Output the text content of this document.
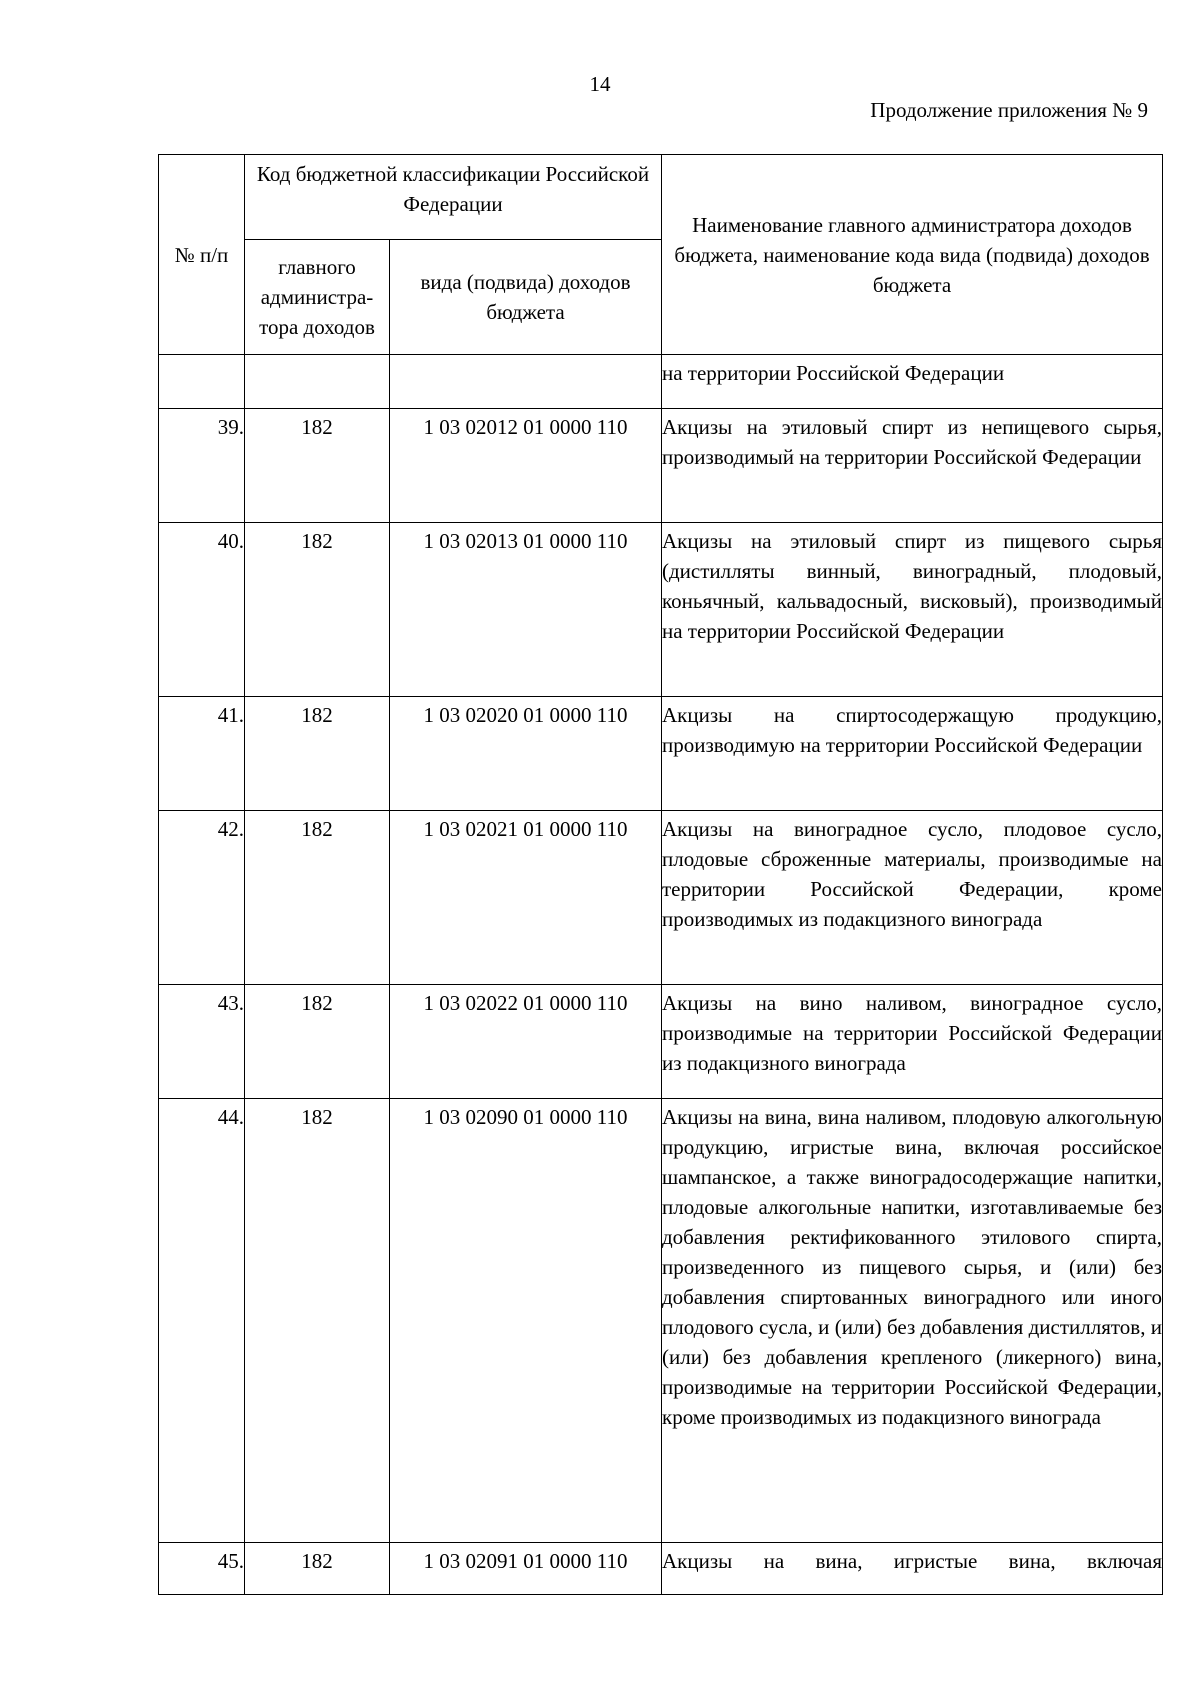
14
Продолжение приложения № 9
№ п/п	Код бюджетной классификации Российской Федерации		Наименование главного администратора доходов бюджета, наименование кода вида (подвида) доходов бюджета
	главного администра-тора доходов	вида (подвида) доходов бюджета	
			на территории Российской Федерации
39.	182	1 03 02012 01 0000 110	Акцизы на этиловый спирт из непищевого сырья, производимый на территории Российской Федерации
40.	182	1 03 02013 01 0000 110	Акцизы на этиловый спирт из пищевого сырья (дистилляты винный, виноградный, плодовый, коньячный, кальвадосный, висковый), производимый на территории Российской Федерации
41.	182	1 03 02020 01 0000 110	Акцизы на спиртосодержащую продукцию, производимую на территории Российской Федерации
42.	182	1 03 02021 01 0000 110	Акцизы на виноградное сусло, плодовое сусло, плодовые сброженные материалы, производимые на территории Российской Федерации, кроме производимых из подакцизного винограда
43.	182	1 03 02022 01 0000 110	Акцизы на вино наливом, виноградное сусло, производимые на территории Российской Федерации из подакцизного винограда
44.	182	1 03 02090 01 0000 110	Акцизы на вина, вина наливом, плодовую алкогольную продукцию, игристые вина, включая российское шампанское, а также виноградосодержащие напитки, плодовые алкогольные напитки, изготавливаемые без добавления ректификованного этилового спирта, произведенного из пищевого сырья, и (или) без добавления спиртованных виноградного или иного плодового сусла, и (или) без добавления дистиллятов, и (или) без добавления крепленого (ликерного) вина, производимые на территории Российской Федерации, кроме производимых из подакцизного винограда
45.	182	1 03 02091 01 0000 110	Акцизы на вина, игристые вина, включая
